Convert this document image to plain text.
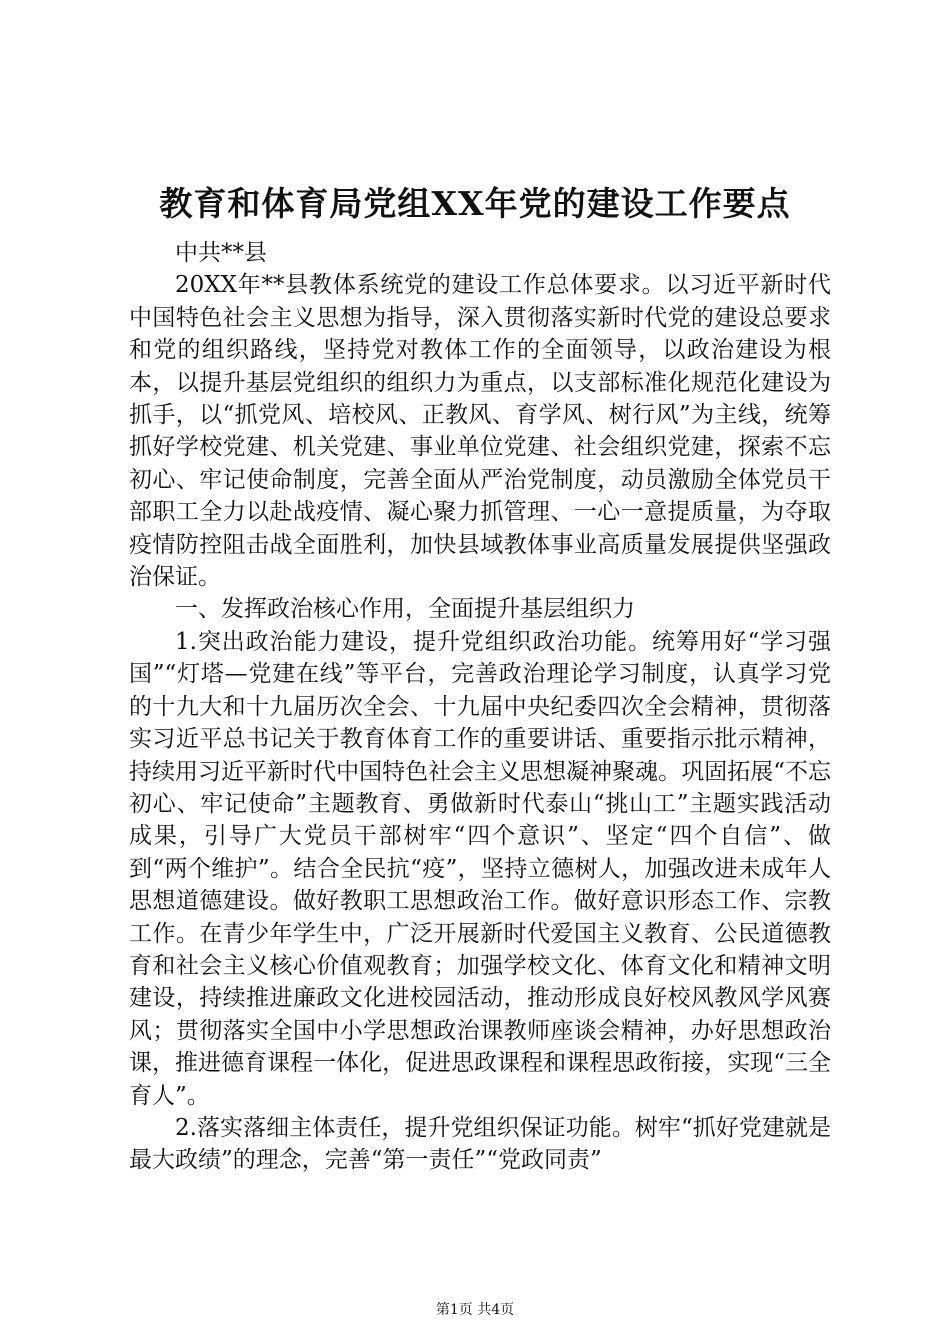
教育和体育局党组XX年党的建设工作要点

中共**县

20XX年**县教体系统党的建设工作总体要求。以习近平新时代中国特色社会主义思想为指导，深入贯彻落实新时代党的建设总要求和党的组织路线，坚持党对教体工作的全面领导，以政治建设为根本，以提升基层党组织的组织力为重点，以支部标准化规范化建设为抓手，以“抓党风、培校风、正教风、育学风、树行风”为主线，统筹抓好学校党建、机关党建、事业单位党建、社会组织党建，探索不忘初心、牢记使命制度，完善全面从严治党制度，动员激励全体党员干部职工全力以赴战疫情、凝心聚力抓管理、一心一意提质量，为夺取疫情防控阻击战全面胜利，加快县域教体事业高质量发展提供坚强政治保证。

一、发挥政治核心作用，全面提升基层组织力

1.突出政治能力建设，提升党组织政治功能。统筹用好“学习强国”“灯塔—党建在线”等平台，完善政治理论学习制度，认真学习党的十九大和十九届历次全会、十九届中央纪委四次全会精神，贯彻落实习近平总书记关于教育体育工作的重要讲话、重要指示批示精神，持续用习近平新时代中国特色社会主义思想凝神聚魂。巩固拓展“不忘初心、牢记使命”主题教育、勇做新时代泰山“挑山工”主题实践活动成果，引导广大党员干部树牢“四个意识”、坚定“四个自信”、做到“两个维护”。结合全民抗“疫”，坚持立德树人，加强改进未成年人思想道德建设。做好教职工思想政治工作。做好意识形态工作、宗教工作。在青少年学生中，广泛开展新时代爱国主义教育、公民道德教育和社会主义核心价值观教育；加强学校文化、体育文化和精神文明建设，持续推进廉政文化进校园活动，推动形成良好校风教风学风赛风；贯彻落实全国中小学思想政治课教师座谈会精神，办好思想政治课，推进德育课程一体化，促进思政课程和课程思政衔接，实现“三全育人”。

2.落实落细主体责任，提升党组织保证功能。树牢“抓好党建就是最大政绩”的理念，完善“第一责任”“党政同责”

第1页 共4页
